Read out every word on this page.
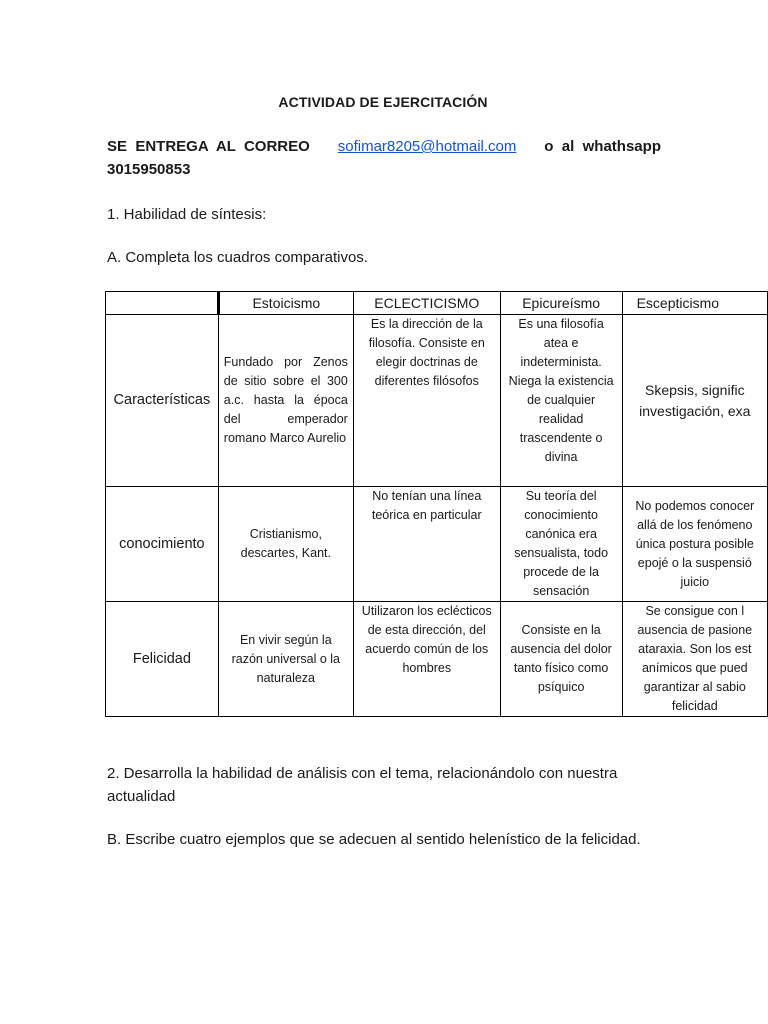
ACTIVIDAD DE EJERCITACIÓN
SE  ENTREGA  AL  CORREO sofimar8205@hotmail.com o  al  whathsapp
3015950853
1. Habilidad de síntesis:
A. Completa los cuadros comparativos.
	Estoicismo	ECLECTICISMO	Epicureísmo	Escepticismo
Características	Fundado por Zenos de sitio sobre el 300 a.c. hasta la época del emperador romano Marco Aurelio	Es la dirección de la filosofía. Consiste en elegir doctrinas de diferentes filósofos	Es una filosofía atea e indeterminista. Niega la existencia de cualquier realidad trascendente o divina	Skepsis, signific investigación, exa
conocimiento	Cristianismo, descartes, Kant.	No tenían una línea teórica en particular	Su teoría del conocimiento canónica era sensualista, todo procede de la sensación	No podemos conocer allá de los fenómeno única postura posible epojé o la suspensió juicio
Felicidad	En vivir según la razón universal o la naturaleza	Utilizaron los eclécticos de esta dirección, del acuerdo común de los hombres	Consiste en la ausencia del dolor tanto físico como psíquico	Se consigue con l ausencia de pasione ataraxia. Son los est anímicos que pued garantizar al sabio felicidad
2. Desarrolla la habilidad de análisis con el tema, relacionándolo con nuestra actualidad
B. Escribe cuatro ejemplos que se adecuen al sentido helenístico de la felicidad.
